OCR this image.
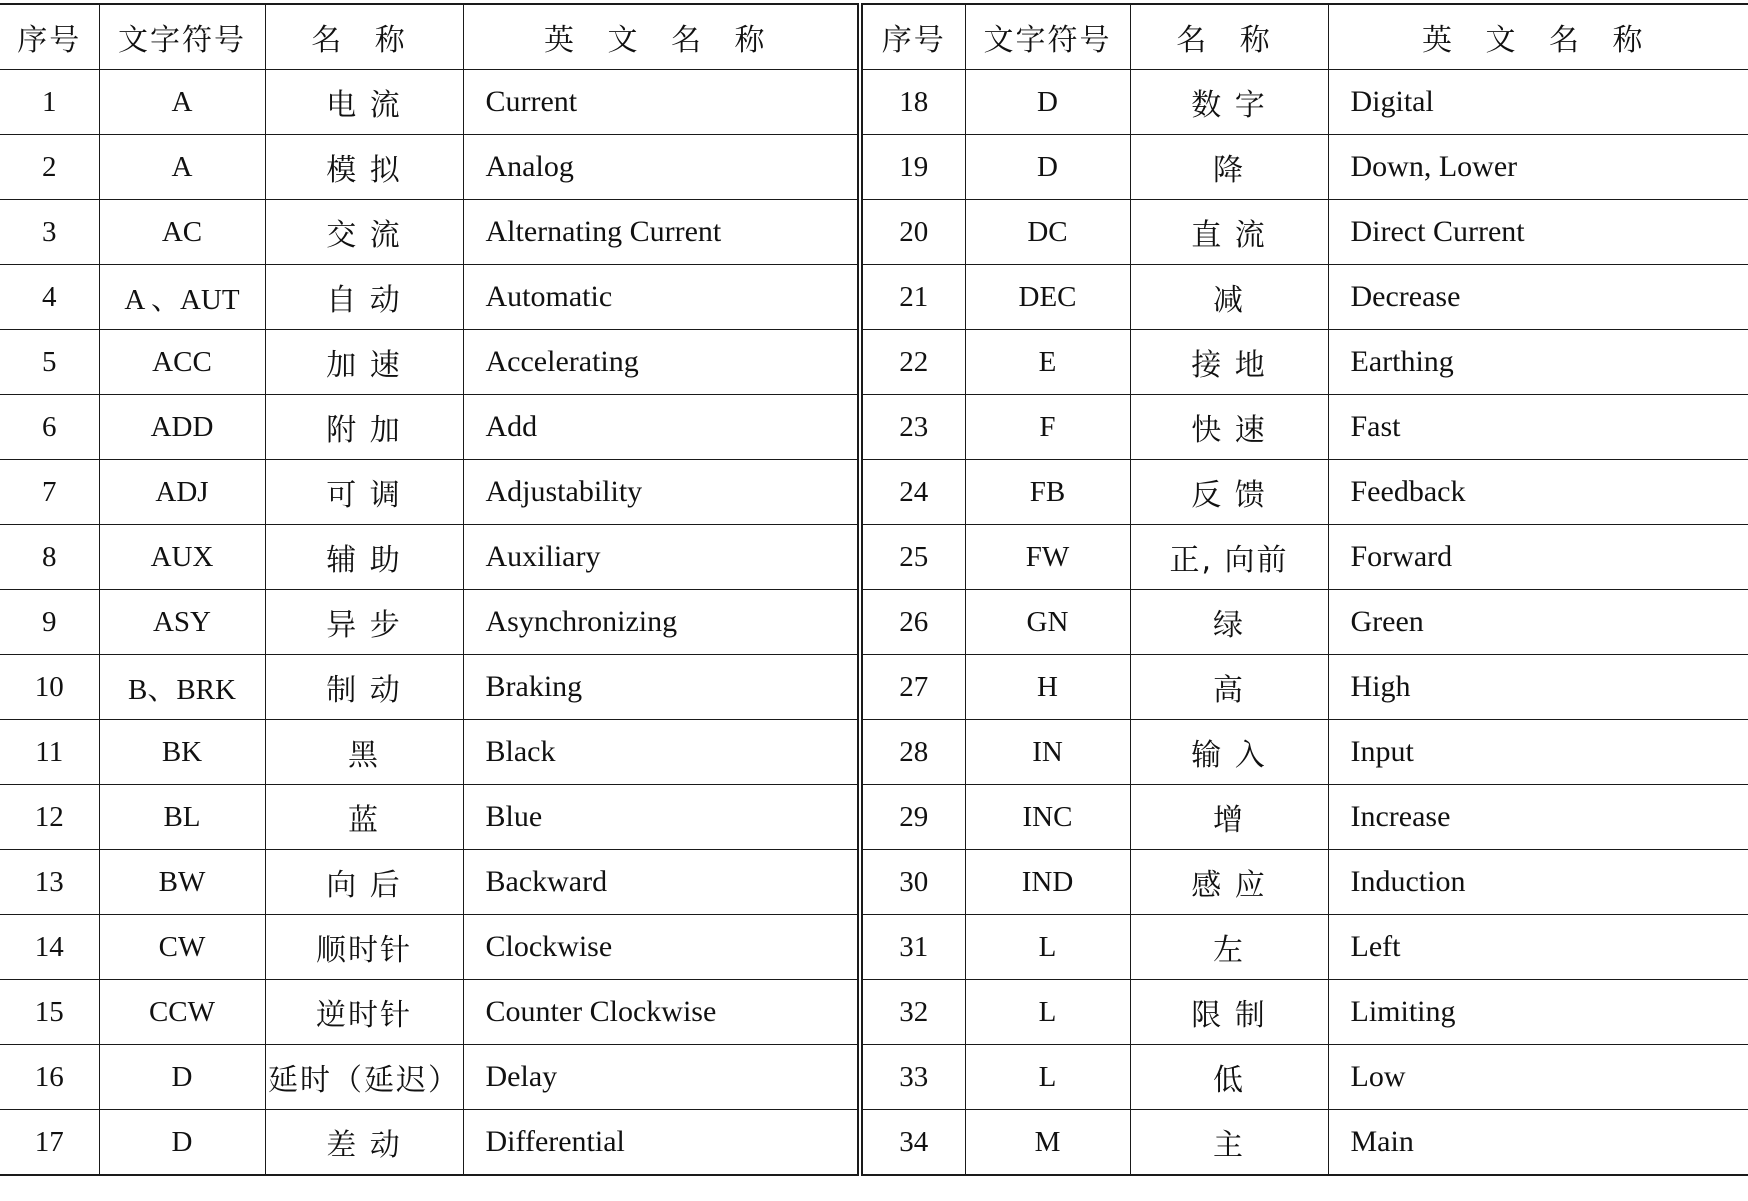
序号	文字符号	名 称	英 文 名 称	序号	文字符号	名 称	英 文 名 称
1	A	电 流	Current	18	D	数 字	Digital
2	A	模 拟	Analog	19	D	降	Down, Lower
3	AC	交 流	Alternating Current	20	DC	直 流	Direct Current
4	A 、AUT	自 动	Automatic	21	DEC	减	Decrease
5	ACC	加 速	Accelerating	22	E	接 地	Earthing
6	ADD	附 加	Add	23	F	快 速	Fast
7	ADJ	可 调	Adjustability	24	FB	反 馈	Feedback
8	AUX	辅 助	Auxiliary	25	FW	正, 向前	Forward
9	ASY	异 步	Asynchronizing	26	GN	绿	Green
10	B、BRK	制 动	Braking	27	H	高	High
11	BK	黑	Black	28	IN	输 入	Input
12	BL	蓝	Blue	29	INC	增	Increase
13	BW	向 后	Backward	30	IND	感 应	Induction
14	CW	顺时针	Clockwise	31	L	左	Left
15	CCW	逆时针	Counter Clockwise	32	L	限 制	Limiting
16	D	延时（延迟）	Delay	33	L	低	Low
17	D	差 动	Differential	34	M	主	Main
